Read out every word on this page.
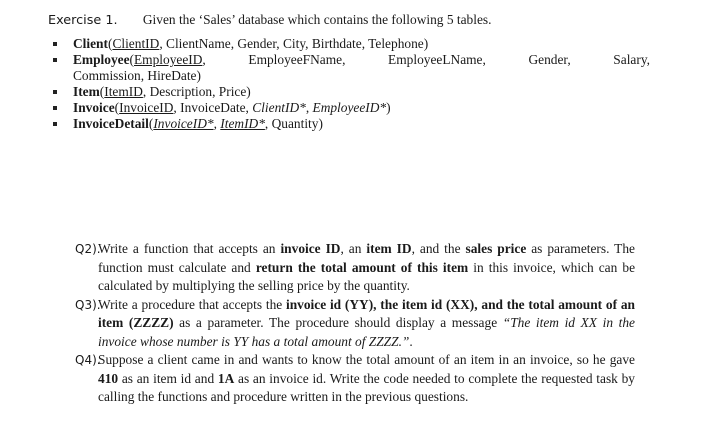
Exercise 1. Given the ‘Sales’ database which contains the following 5 tables.
Client(ClientID, ClientName, Gender, City, Birthdate, Telephone)
Employee(EmployeeID, EmployeeFName, EmployeeLName, Gender, Salary,
Commission, HireDate)
Item(ItemID, Description, Price)
Invoice(InvoiceID, InvoiceDate, ClientID*, EmployeeID*)
InvoiceDetail(InvoiceID*, ItemID*, Quantity)

Q2).
Write a function that accepts an invoice ID, an item ID, and the sales price as parameters. The function must calculate and return the total amount of this item in this invoice, which can be calculated by multiplying the selling price by the quantity.

Q3).
Write a procedure that accepts the invoice id (YY), the item id (XX), and the total amount of an item (ZZZZ) as a parameter. The procedure should display a message “The item id XX in the invoice whose number is YY has a total amount of ZZZZ.”.

Q4).
Suppose a client came in and wants to know the total amount of an item in an invoice, so he gave 410 as an item id and 1A as an invoice id. Write the code needed to complete the requested task by calling the functions and procedure written in the previous questions.
